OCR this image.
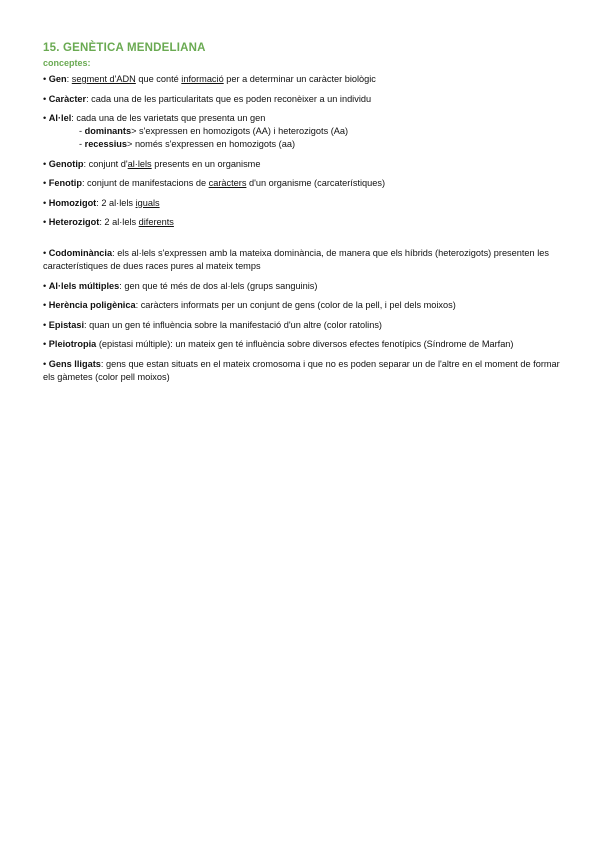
15. GENÈTICA MENDELIANA
conceptes:
• Gen: segment d'ADN que conté informació per a determinar un caràcter biològic
• Caràcter: cada una de les particularitats que es poden reconèixer a un individu
• Al·lel: cada una de les varietats que presenta un gen
- dominants> s'expressen en homozigots (AA) i heterozigots (Aa)
- recessius> només s'expressen en homozigots (aa)
• Genotip: conjunt d'al·lels presents en un organisme
• Fenotip: conjunt de manifestacions de caràcters d'un organisme (carcaterístiques)
• Homozigot: 2 al·lels iguals
• Heterozigot: 2 al·lels diferents
• Codominància: els al·lels s'expressen amb la mateixa dominància, de manera que els híbrids (heterozigots) presenten les característiques de dues races pures al mateix temps
• Al·lels múltiples: gen que té més de dos al·lels (grups sanguinis)
• Herència poligènica: caràcters informats per un conjunt de gens (color de la pell, i pel dels moixos)
• Epistasi: quan un gen té influència sobre la manifestació d'un altre (color ratolins)
• Pleiotropia (epistasi múltiple): un mateix gen té influència sobre diversos efectes fenotípics (Síndrome de Marfan)
• Gens lligats: gens que estan situats en el mateix cromosoma i que no es poden separar un de l'altre en el moment de formar els gàmetes (color pell moixos)
